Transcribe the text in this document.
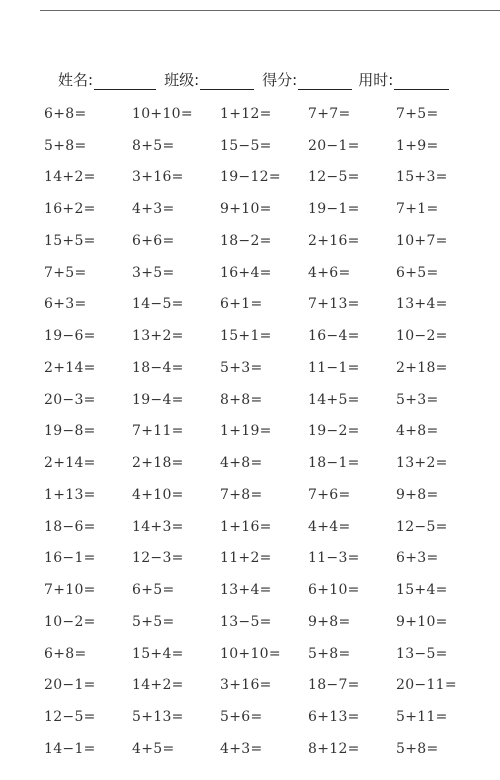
姓名:	班级:	得分:	用时:
6+8=	10+10=	1+12=	7+7=	7+5=
5+8=	8+5=	15−5=	20−1=	1+9=
14+2=	3+16=	19−12=	12−5=	15+3=
16+2=	4+3=	9+10=	19−1=	7+1=
15+5=	6+6=	18−2=	2+16=	10+7=
7+5=	3+5=	16+4=	4+6=	6+5=
6+3=	14−5=	6+1=	7+13=	13+4=
19−6=	13+2=	15+1=	16−4=	10−2=
2+14=	18−4=	5+3=	11−1=	2+18=
20−3=	19−4=	8+8=	14+5=	5+3=
19−8=	7+11=	1+19=	19−2=	4+8=
2+14=	2+18=	4+8=	18−1=	13+2=
1+13=	4+10=	7+8=	7+6=	9+8=
18−6=	14+3=	1+16=	4+4=	12−5=
16−1=	12−3=	11+2=	11−3=	6+3=
7+10=	6+5=	13+4=	6+10=	15+4=
10−2=	5+5=	13−5=	9+8=	9+10=
6+8=	15+4=	10+10=	5+8=	13−5=
20−1=	14+2=	3+16=	18−7=	20−11=
12−5=	5+13=	5+6=	6+13=	5+11=
14−1=	4+5=	4+3=	8+12=	5+8=
